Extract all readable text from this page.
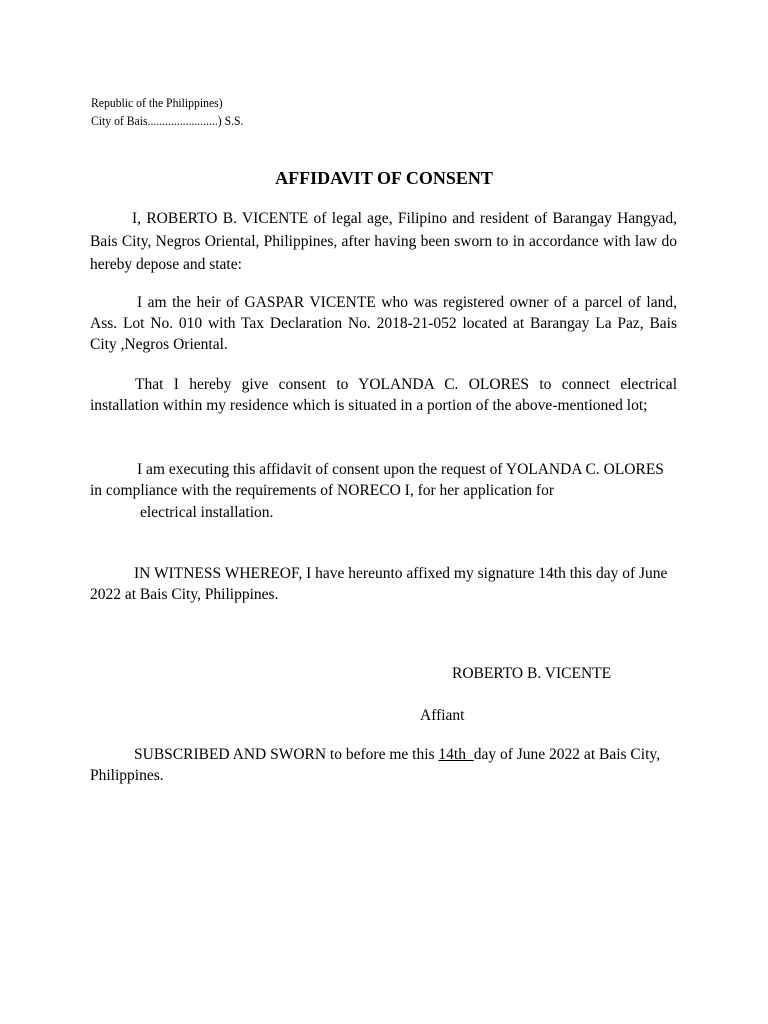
Republic of the Philippines)
City of Bais........................) S.S.
AFFIDAVIT OF CONSENT
I, ROBERTO B. VICENTE of legal age, Filipino and resident of Barangay Hangyad, Bais City, Negros Oriental, Philippines, after having been sworn to in accordance with law do hereby depose and state:
I am the heir of GASPAR VICENTE who was registered owner of a parcel of land, Ass. Lot No. 010 with Tax Declaration No. 2018-21-052 located at Barangay La Paz, Bais City ,Negros Oriental.
That I hereby give consent to YOLANDA C. OLORES to connect electrical installation within my residence which is situated in a portion of the above-mentioned lot;
I am executing this affidavit of consent upon the request of YOLANDA C. OLORES in compliance with the requirements of NORECO I, for her application for
electrical installation.
IN WITNESS WHEREOF, I have hereunto affixed my signature 14th this day of June 2022 at Bais City, Philippines.
ROBERTO B. VICENTE
Affiant
SUBSCRIBED AND SWORN to before me this 14th  day of June 2022 at Bais City, Philippines.
